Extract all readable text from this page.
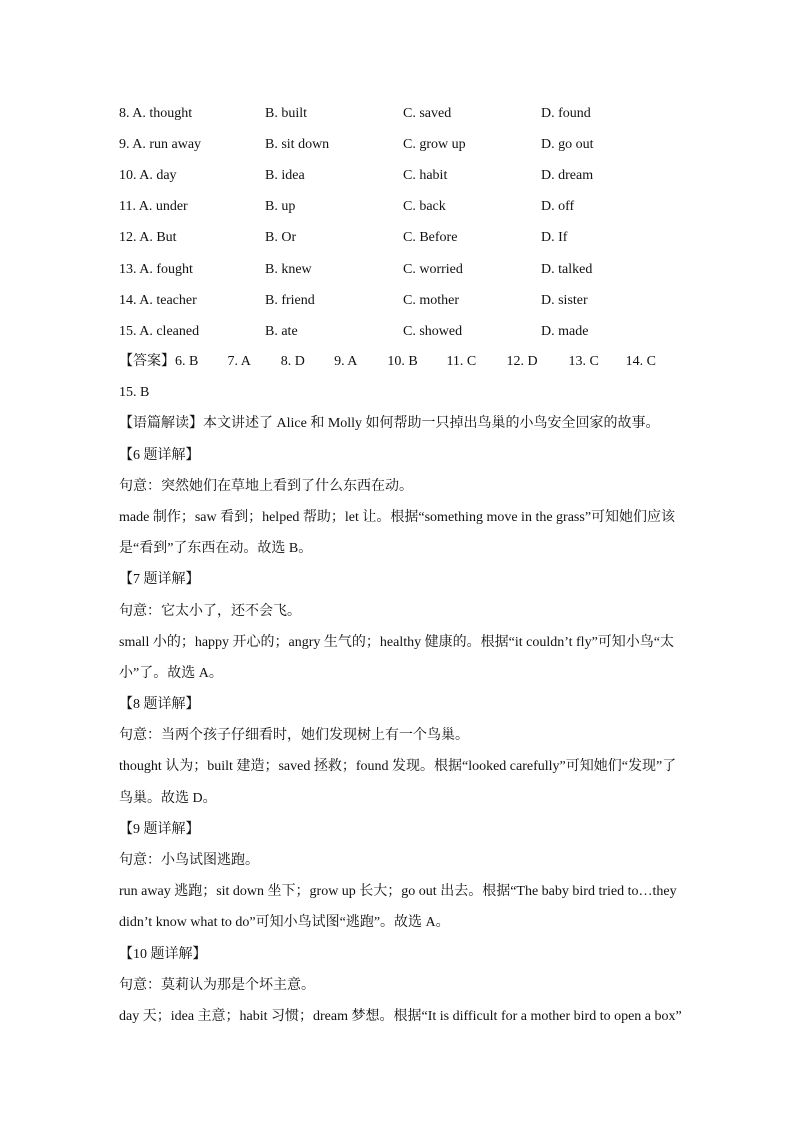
8. A. thought	B. built	C. saved	D. found
9. A. run away	B. sit down	C. grow up	D. go out
10. A. day	B. idea	C. habit	D. dream
11. A. under	B. up	C. back	D. off
12. A. But	B. Or	C. Before	D. If
13. A. fought	B. knew	C. worried	D. talked
14. A. teacher	B. friend	C. mother	D. sister
15. A. cleaned	B. ate	C. showed	D. made
【答案】6. B	7. A	8. D	9. A	10. B	11. C	12. D	13. C	14. C
15. B
【语篇解读】本文讲述了 Alice 和 Molly 如何帮助一只掉出鸟巢的小鸟安全回家的故事。
【6 题详解】
句意：突然她们在草地上看到了什么东西在动。
made 制作；saw 看到；helped 帮助；let 让。根据“something move in the grass”可知她们应该
是“看到”了东西在动。故选 B。
【7 题详解】
句意：它太小了，还不会飞。
small 小的；happy 开心的；angry 生气的；healthy 健康的。根据“it couldn’t fly”可知小鸟“太
小”了。故选 A。
【8 题详解】
句意：当两个孩子仔细看时，她们发现树上有一个鸟巢。
thought 认为；built 建造；saved 拯救；found 发现。根据“looked carefully”可知她们“发现”了
鸟巢。故选 D。
【9 题详解】
句意：小鸟试图逃跑。
run away 逃跑；sit down 坐下；grow up 长大；go out 出去。根据“The baby bird tried to…they
didn’t know what to do”可知小鸟试图“逃跑”。故选 A。
【10 题详解】
句意：莫莉认为那是个坏主意。
day 天；idea 主意；habit 习惯；dream 梦想。根据“It is difficult for a mother bird to open a box”
